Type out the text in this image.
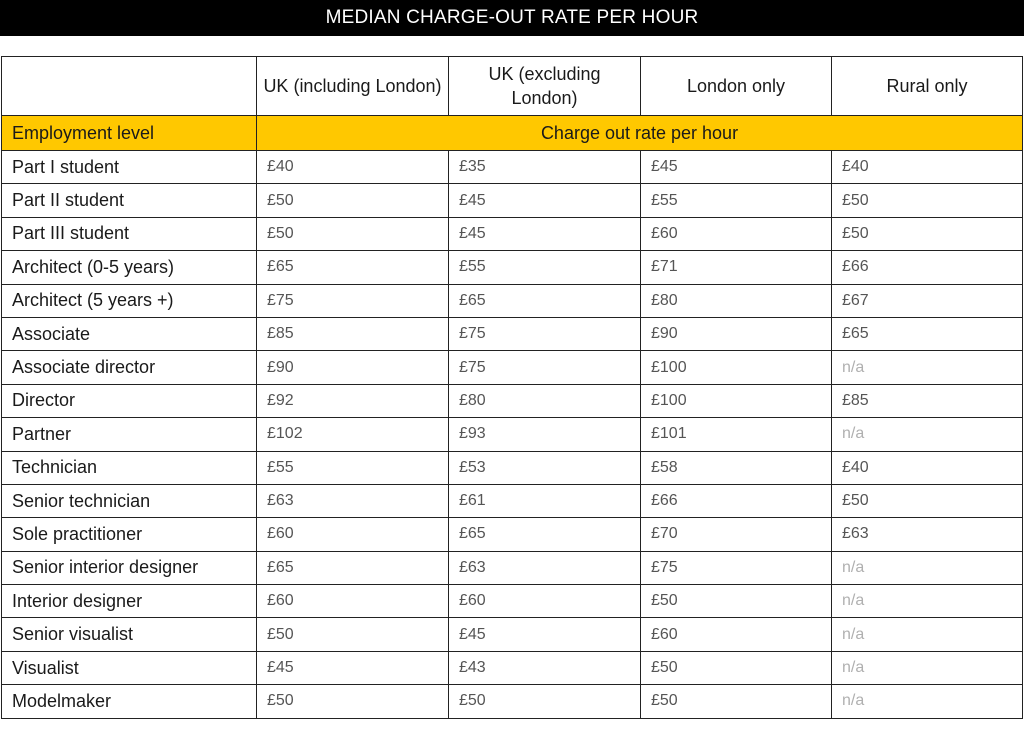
MEDIAN CHARGE-OUT RATE PER HOUR
	UK (including London)	UK (excluding London)	London only	Rural only
Employment level	Charge out rate per hour			
Part I student	£40	£35	£45	£40
Part II student	£50	£45	£55	£50
Part III student	£50	£45	£60	£50
Architect (0-5 years)	£65	£55	£71	£66
Architect (5 years +)	£75	£65	£80	£67
Associate	£85	£75	£90	£65
Associate director	£90	£75	£100	n/a
Director	£92	£80	£100	£85
Partner	£102	£93	£101	n/a
Technician	£55	£53	£58	£40
Senior technician	£63	£61	£66	£50
Sole practitioner	£60	£65	£70	£63
Senior interior designer	£65	£63	£75	n/a
Interior designer	£60	£60	£50	n/a
Senior visualist	£50	£45	£60	n/a
Visualist	£45	£43	£50	n/a
Modelmaker	£50	£50	£50	n/a
